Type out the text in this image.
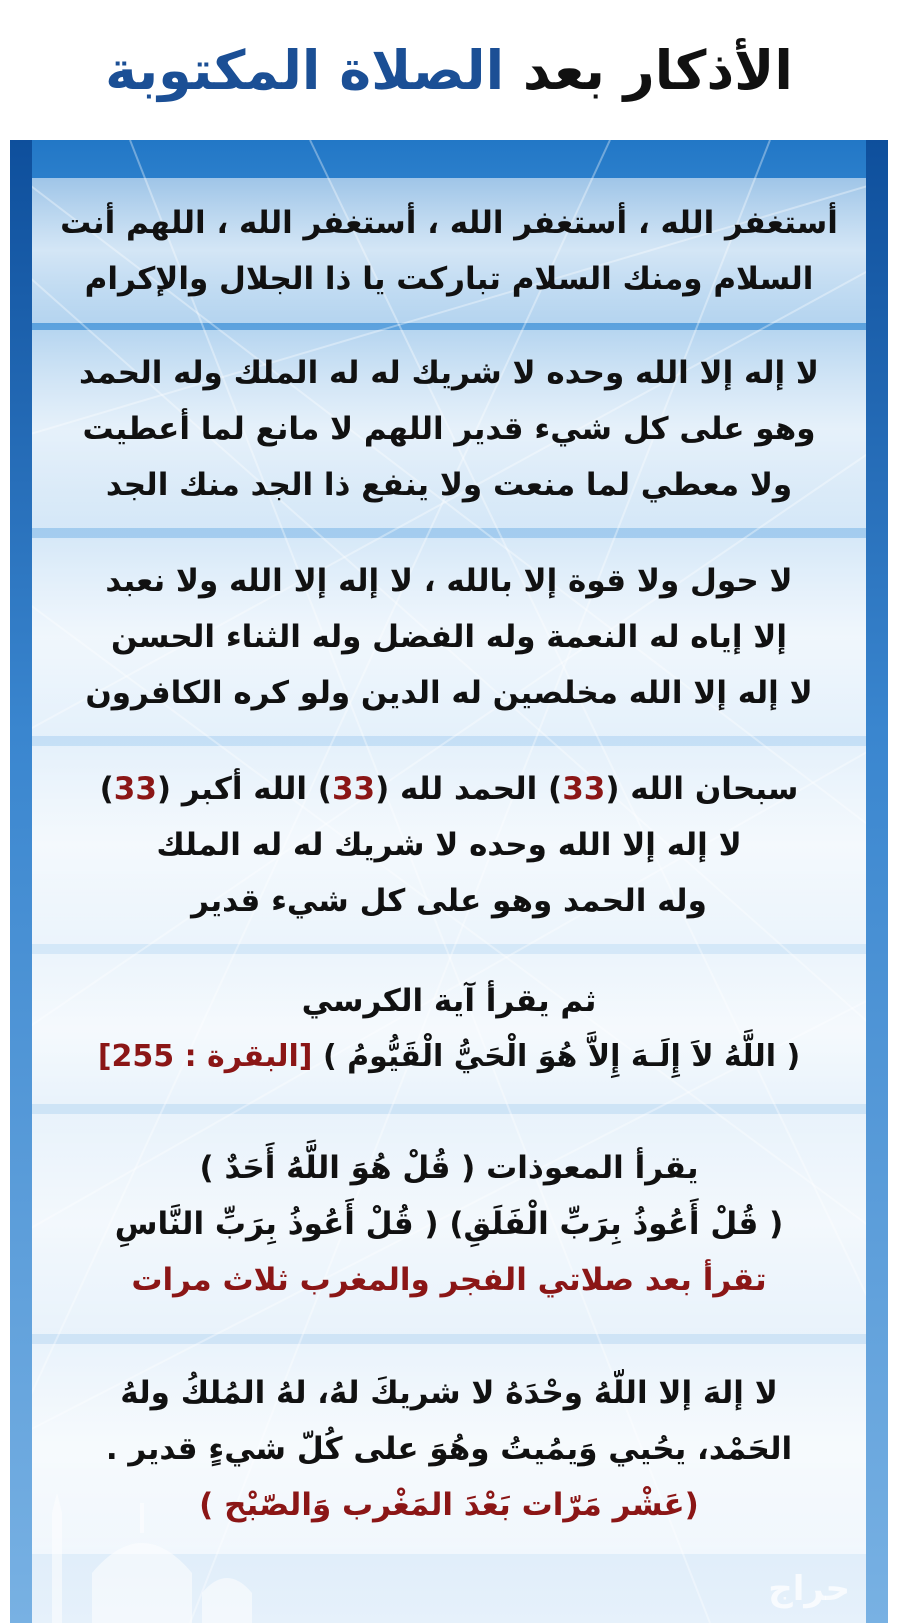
الأذكار بعد الصلاة المكتوبة
أستغفر الله ، أستغفر الله ، أستغفر الله ، اللهم أنت
السلام ومنك السلام تباركت يا ذا الجلال والإكرام
لا إله إلا الله وحده لا شريك له له الملك وله الحمد
وهو على كل شيء قدير اللهم لا مانع لما أعطيت
ولا معطي لما منعت ولا ينفع ذا الجد منك الجد
لا حول ولا قوة إلا بالله ، لا إله إلا الله ولا نعبد
إلا إياه له النعمة وله الفضل وله الثناء الحسن
لا إله إلا الله مخلصين له الدين ولو كره الكافرون
سبحان الله (33) الحمد لله (33) الله أكبر (33)
لا إله إلا الله وحده لا شريك له له الملك
وله الحمد وهو على كل شيء قدير
ثم يقرأ آية الكرسي
( اللَّهُ لاَ إِلَـهَ إِلاَّ هُوَ الْحَيُّ الْقَيُّومُ ) [البقرة : 255]
يقرأ المعوذات ( قُلْ هُوَ اللَّهُ أَحَدٌ )
( قُلْ أَعُوذُ بِرَبِّ الْفَلَقِ) ( قُلْ أَعُوذُ بِرَبِّ النَّاسِ
تقرأ بعد صلاتي الفجر والمغرب ثلاث مرات
لا إلهَ إلا اللّهُ وحْدَهُ لا شريكَ لهُ، لهُ المُلكُ ولهُ
الحَمْد، يحُيي وَيمُيتُ وهُوَ على كُلّ شيءٍ قدير .
(عَشْر مَرّات بَعْدَ المَغْرب وَالصّبْح )
حراج
